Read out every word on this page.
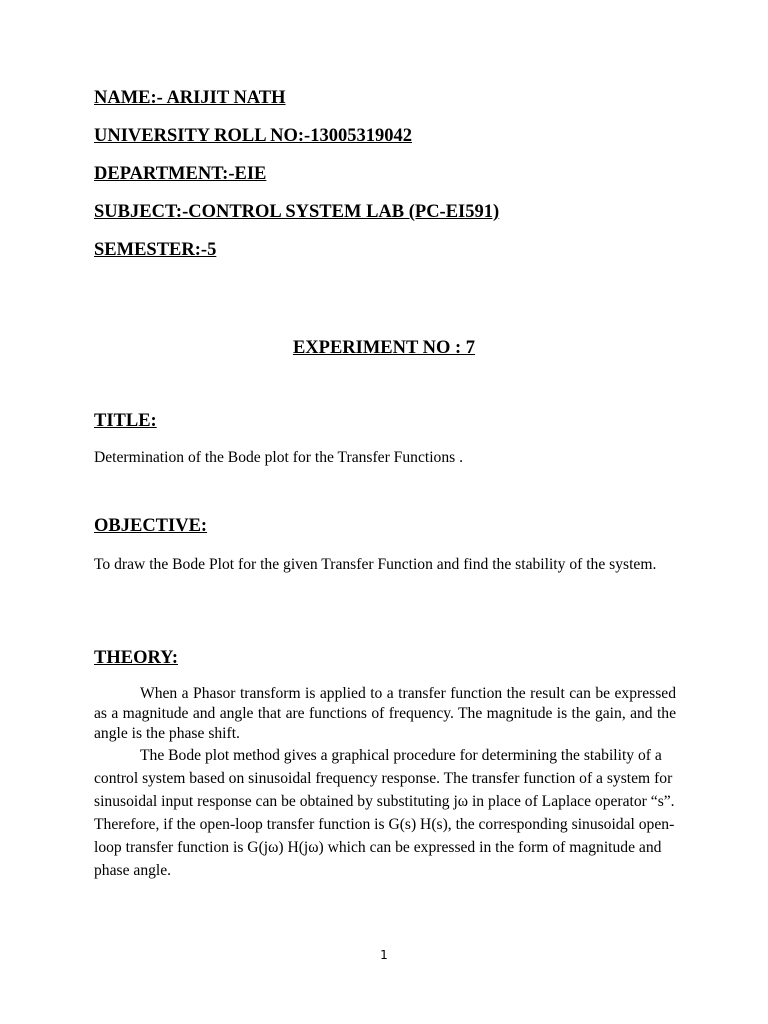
NAME:- ARIJIT NATH
UNIVERSITY ROLL NO:-13005319042
DEPARTMENT:-EIE
SUBJECT:-CONTROL SYSTEM LAB (PC-EI591)
SEMESTER:-5
EXPERIMENT NO : 7
TITLE:

Determination of the Bode plot for the Transfer Functions .

OBJECTIVE:

To draw the Bode Plot for the given Transfer Function and find the stability of the system.

THEORY:

When a Phasor transform is applied to a transfer function the result can be expressed as a magnitude and angle that are functions of frequency. The magnitude is the gain, and the angle is the phase shift.

The Bode plot method gives a graphical procedure for determining the stability of a control system based on sinusoidal frequency response. The transfer function of a system for sinusoidal input response can be obtained by substituting jω in place of Laplace operator “s”. Therefore, if the open-loop transfer function is G(s) H(s), the corresponding sinusoidal open-loop transfer function is G(jω) H(jω) which can be expressed in the form of magnitude and phase angle.

1
